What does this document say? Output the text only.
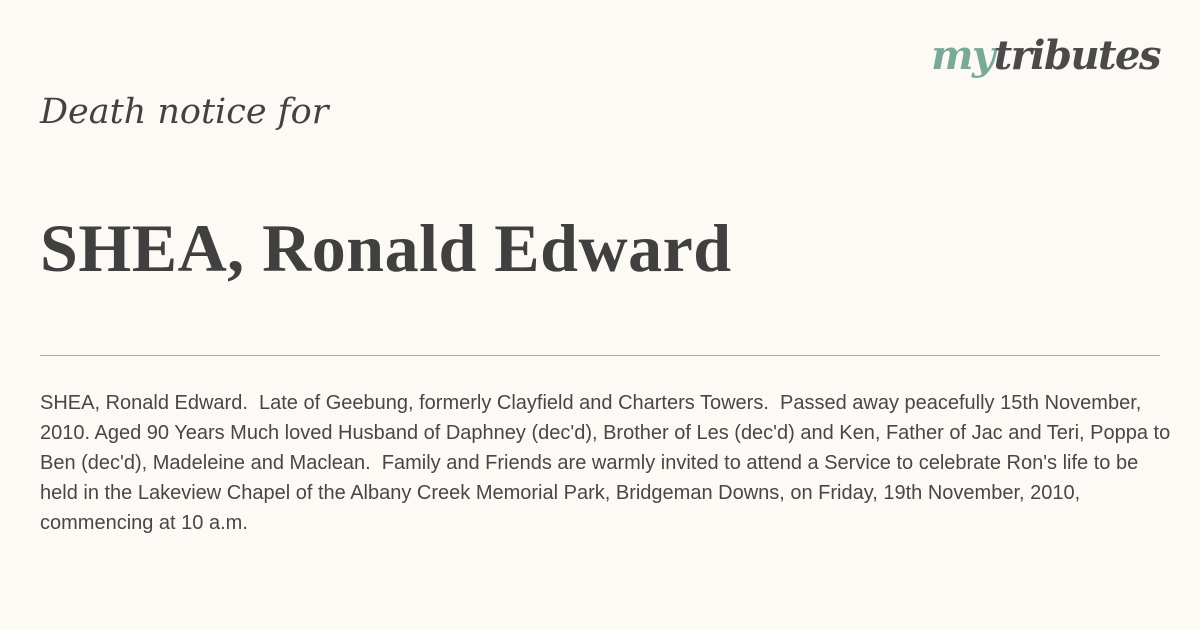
mytributes
Death notice for
SHEA, Ronald Edward

SHEA, Ronald Edward.  Late of Geebung, formerly Clayfield and Charters Towers.  Passed away peacefully 15th November, 2010. Aged 90 Years Much loved Husband of Daphney (dec'd), Brother of Les (dec'd) and Ken, Father of Jac and Teri, Poppa to Ben (dec'd), Madeleine and Maclean.  Family and Friends are warmly invited to attend a Service to celebrate Ron's life to be held in the Lakeview Chapel of the Albany Creek Memorial Park, Bridgeman Downs, on Friday, 19th November, 2010, commencing at 10 a.m.
